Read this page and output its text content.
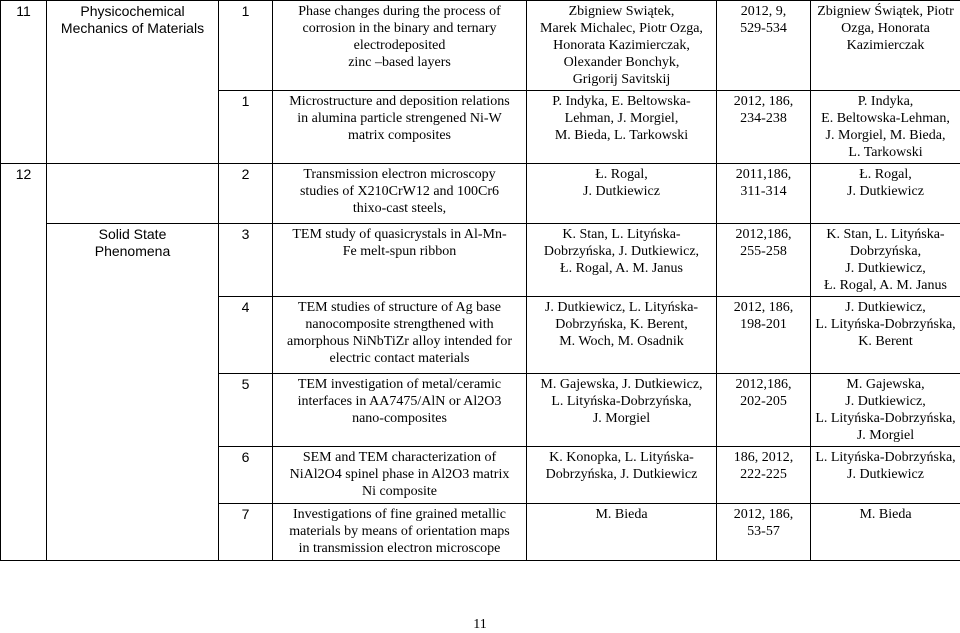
11	Physicochemical
Mechanics of Materials	1	Phase changes during the process of
corrosion in the binary and ternary
electrodeposited
zinc –based layers	Zbigniew Swiątek,
Marek Michalec, Piotr Ozga,
Honorata Kazimierczak,
Olexander Bonchyk,
Grigorij Savitskij	2012, 9,
529-534	Zbigniew Świątek, Piotr
Ozga, Honorata
Kazimierczak
		1	Microstructure and deposition relations
in alumina particle strengened Ni-W
matrix composites	P. Indyka, E. Beltowska-
Lehman, J. Morgiel,
M. Bieda, L. Tarkowski	2012, 186,
234-238	P. Indyka,
E. Beltowska-Lehman,
J. Morgiel, M. Bieda,
L. Tarkowski
12		2	Transmission electron microscopy
studies of X210CrW12 and 100Cr6
thixo-cast steels,	Ł. Rogal,
J. Dutkiewicz	2011,186,
311-314	Ł. Rogal,
J. Dutkiewicz
	Solid State
Phenomena	3	TEM study of quasicrystals in Al-Mn-
Fe melt-spun ribbon	K. Stan, L. Lityńska-
Dobrzyńska, J. Dutkiewicz,
Ł. Rogal, A. M. Janus	2012,186,
255-258	K. Stan, L. Lityńska-
Dobrzyńska,
J. Dutkiewicz,
Ł. Rogal, A. M. Janus
		4	TEM studies of structure of Ag base
nanocomposite strengthened with
amorphous NiNbTiZr alloy intended for
electric contact materials	J. Dutkiewicz, L. Lityńska-
Dobrzyńska, K. Berent,
M. Woch, M. Osadnik	2012, 186,
198-201	J. Dutkiewicz,
L. Lityńska-Dobrzyńska,
K. Berent
		5	TEM investigation of metal/ceramic
interfaces in AA7475/AlN or Al2O3
nano-composites	M. Gajewska, J. Dutkiewicz,
L. Lityńska-Dobrzyńska,
J. Morgiel	2012,186,
202-205	M. Gajewska,
J. Dutkiewicz,
L. Lityńska-Dobrzyńska,
J. Morgiel
		6	SEM and TEM characterization of
NiAl2O4 spinel phase in Al2O3 matrix
Ni composite	K. Konopka, L. Lityńska-
Dobrzyńska, J. Dutkiewicz	186, 2012,
222-225	L. Lityńska-Dobrzyńska,
J. Dutkiewicz
		7	Investigations of fine grained metallic
materials by means of orientation maps
in transmission electron microscope	M. Bieda	2012, 186,
53-57	M. Bieda
11
